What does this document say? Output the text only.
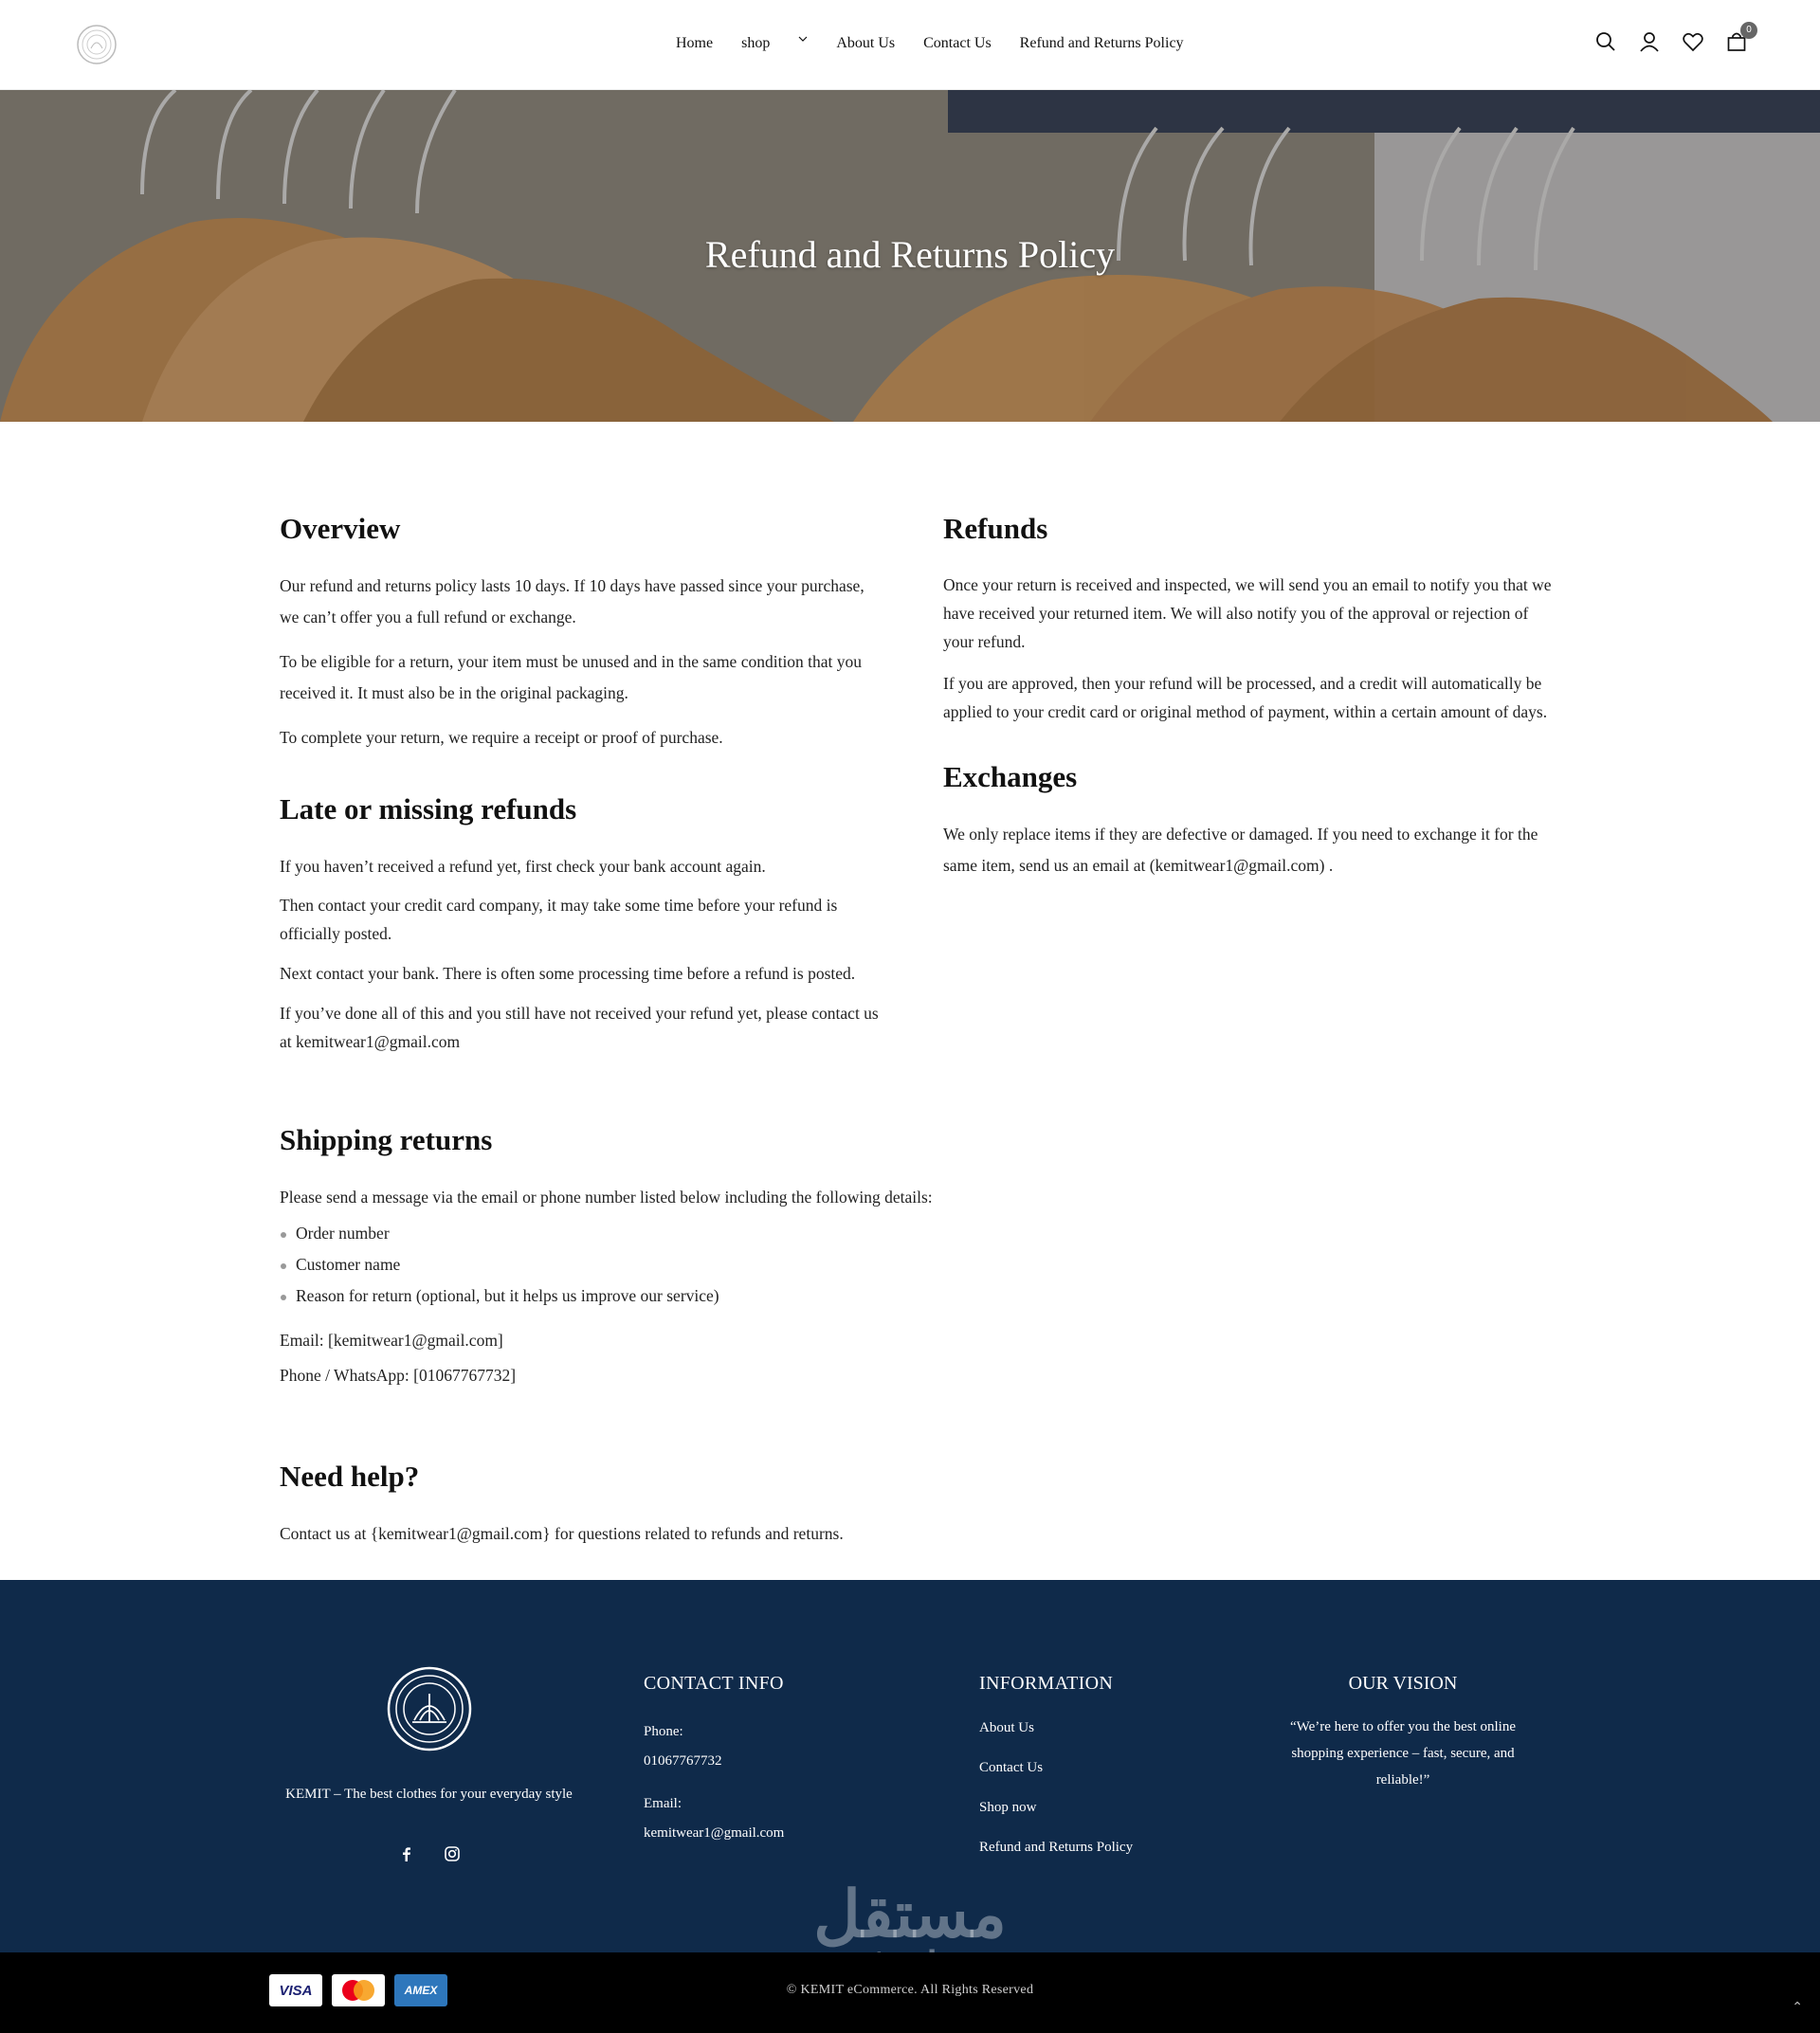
Home shop	About Us Contact Us Refund and Returns Policy
0
Refund and Returns Policy
Overview

Our refund and returns policy lasts 10 days. If 10 days have passed since your purchase, we can’t offer you a full refund or exchange.

To be eligible for a return, your item must be unused and in the same condition that you received it. It must also be in the original packaging.

To complete your return, we require a receipt or proof of purchase.

Late or missing refunds

If you haven’t received a refund yet, first check your bank account again.

Then contact your credit card company, it may take some time before your refund is officially posted.

Next contact your bank. There is often some processing time before a refund is posted.

If you’ve done all of this and you still have not received your refund yet, please contact us at kemitwear1@gmail.com

Refunds

Once your return is received and inspected, we will send you an email to notify you that we have received your returned item. We will also notify you of the approval or rejection of your refund.

If you are approved, then your refund will be processed, and a credit will automatically be applied to your credit card or original method of payment, within a certain amount of days.

Exchanges

We only replace items if they are defective or damaged. If you need to exchange it for the same item, send us an email at (kemitwear1@gmail.com) .

Shipping returns

Please send a message via the email or phone number listed below including the following details:

Order number
Customer name
Reason for return (optional, but it helps us improve our service)

Email: [kemitwear1@gmail.com]

Phone / WhatsApp: [01067767732]

Need help?

Contact us at {kemitwear1@gmail.com} for questions related to refunds and returns.

KEMIT – The best clothes for your everyday style
CONTACT INFO
Phone:
01067767732
Email:
kemitwear1@gmail.com
INFORMATION
About Us
Contact Us
Shop now
Refund and Returns Policy
OUR VISION

“We’re here to offer you the best online shopping experience – fast, secure, and reliable!”

مستقل
VISA	AMEX	© KEMIT eCommerce. All Rights Reserved
⌃
